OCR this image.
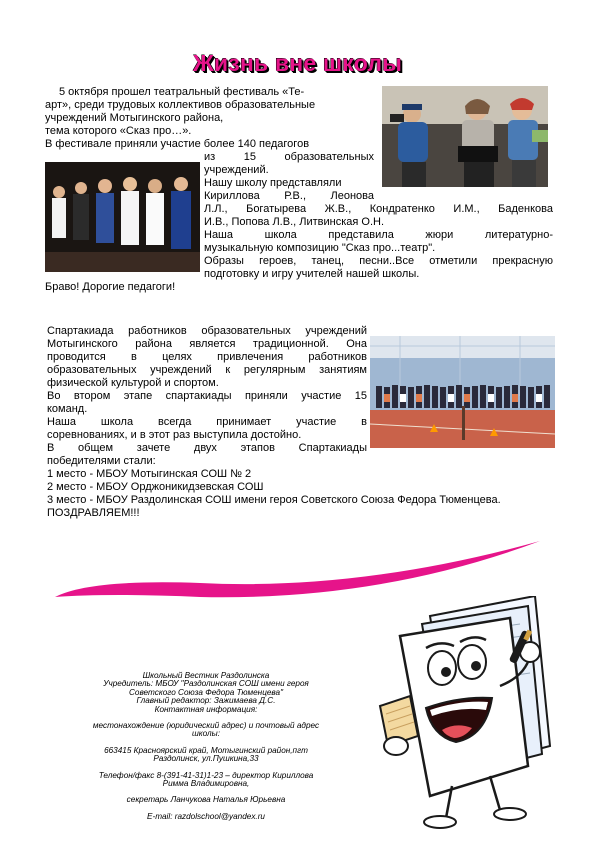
Жизнь вне школы
5 октября прошел театральный фестиваль «Те-
арт», среди трудовых коллективов образовательные
учреждений Мотыгинского района,
тема которого «Сказ про…».
В фестивале приняли участие более 140 педагогов
из 15 образовательных
учреждений.
Нашу школу представляли
Кириллова Р.В., Леонова
Л.Л., Богатырева Ж.В., Кондратенко И.М., Баденкова
И.В., Попова Л.В., Литвинская О.Н.
Наша школа представила жюри литературно-
музыкальную композицию "Сказ про...театр".
Образы героев, танец, песни..Все отметили прекрасную
подготовку и игру учителей нашей школы.
Браво! Дорогие педагоги!
Спартакиада работников образовательных учреждений
Мотыгинского района является традиционной. Она
проводится в целях привлечения работников
образовательных учреждений к регулярным занятиям
физической культурой и спортом.
Во втором этапе спартакиады приняли участие 15
команд.
Наша школа всегда принимает участие в
соревнованиях, и в этот раз выступила достойно.
В общем зачете двух этапов Спартакиады
победителями стали:
1 место - МБОУ Мотыгинская СОШ № 2
2 место - МБОУ Орджоникидзевская СОШ
3 место - МБОУ Раздолинская СОШ имени героя Советского Союза Федора Тюменцева.
ПОЗДРАВЛЯЕМ!!!
Школьный Вестник Раздолинска
Учредитель: МБОУ "Раздолинская СОШ имени героя
Советского Союза Федора Тюменцева"
Главный редактор: Зажимаева Д.С.
Контактная информация:
местонахождение (юридический адрес) и почтовый адрес
школы:
663415 Красноярский край, Мотыгинский район,пгт
Раздолинск, ул.Пушкина,33
Телефон/факс 8-(391-41-31)1-23 – директор Кириллова
Римма Владимировна,
секретарь Ланчукова Наталья Юрьевна
E-mail: razdolschool@yandex.ru
